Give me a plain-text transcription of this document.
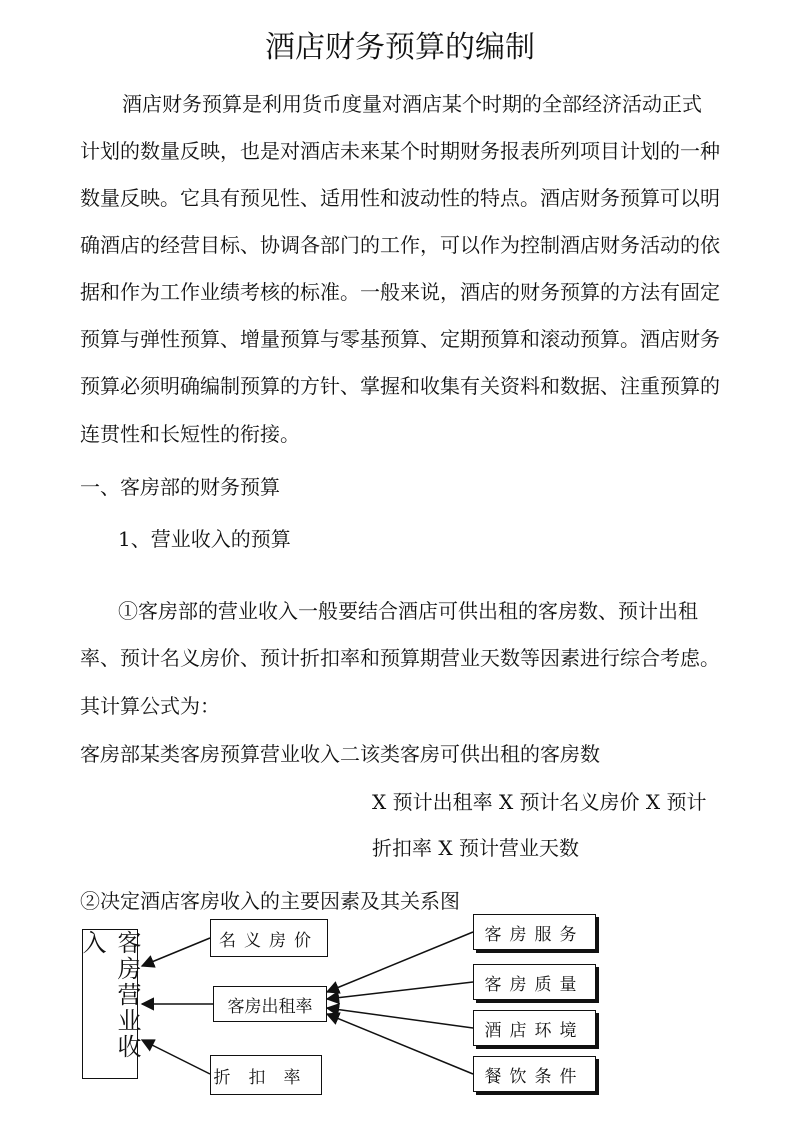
酒店财务预算的编制
酒店财务预算是利用货币度量对酒店某个时期的全部经济活动正式
计划的数量反映，也是对酒店未来某个时期财务报表所列项目计划的一种
数量反映。它具有预见性、适用性和波动性的特点。酒店财务预算可以明
确酒店的经营目标、协调各部门的工作，可以作为控制酒店财务活动的依
据和作为工作业绩考核的标准。一般来说，酒店的财务预算的方法有固定
预算与弹性预算、增量预算与零基预算、定期预算和滚动预算。酒店财务
预算必须明确编制预算的方针、掌握和收集有关资料和数据、注重预算的
连贯性和长短性的衔接。
一、客房部的财务预算
1、营业收入的预算
①客房部的营业收入一般要结合酒店可供出租的客房数、预计出租
率、预计名义房价、预计折扣率和预算期营业天数等因素进行综合考虑。
其计算公式为：
客房部某类客房预算营业收入二该类客房可供出租的客房数
X 预计出租率 X 预计名义房价 X 预计
折扣率 X 预计营业天数
②决定酒店客房收入的主要因素及其关系图
客房营业收入	名义房价
客房出租率
折扣率
客房服务
客房质量
酒店环境
餐饮条件
